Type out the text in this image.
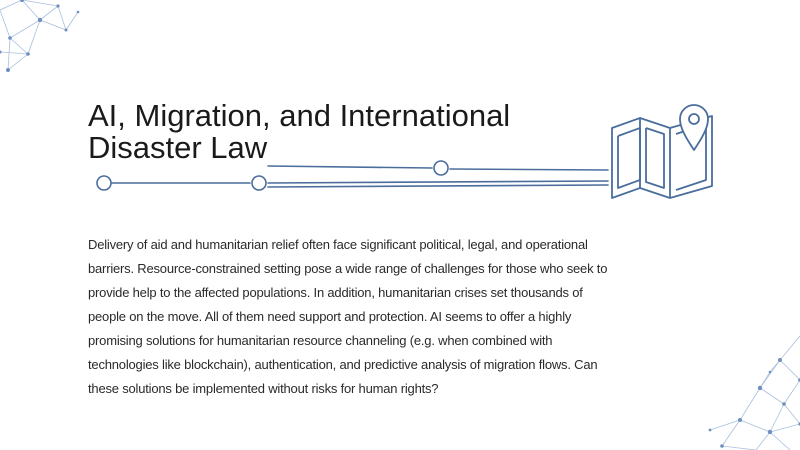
AI, Migration, and International
Disaster Law

Delivery of aid and humanitarian relief often face significant political, legal, and operational barriers. Resource-constrained setting pose a wide range of challenges for those who seek to provide help to the affected populations. In addition, humanitarian crises set thousands of people on the move. All of them need support and protection. AI seems to offer a highly promising solutions for humanitarian resource channeling (e.g. when combined with technologies like blockchain), authentication, and predictive analysis of migration flows. Can these solutions be implemented without risks for human rights?
